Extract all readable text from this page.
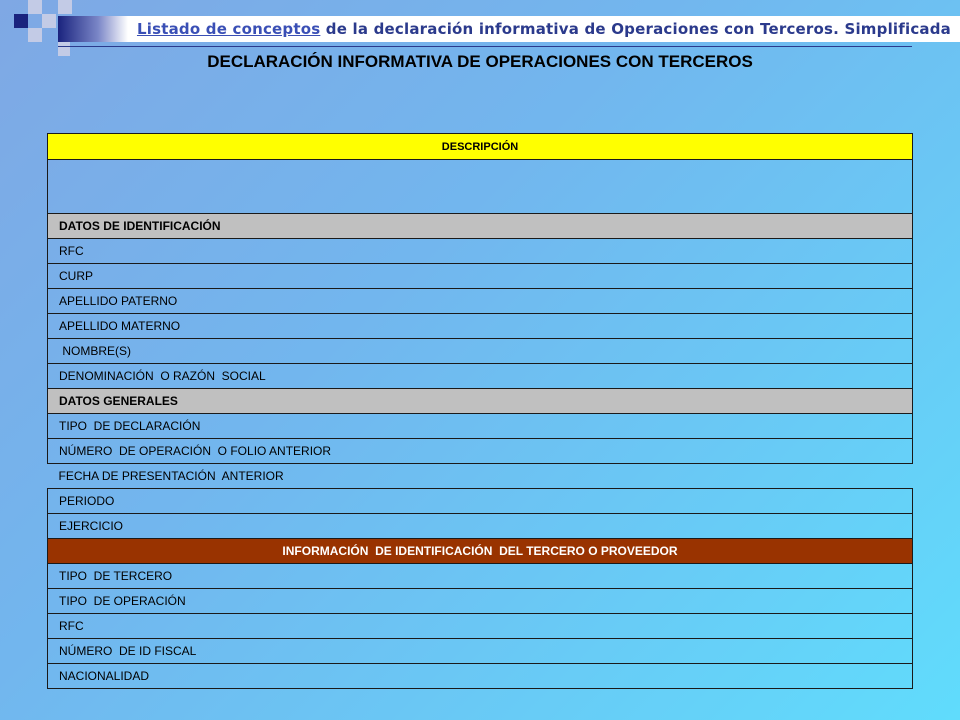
Listado de conceptos de la declaración informativa de Operaciones con Terceros. Simplificada
DECLARACIÓN INFORMATIVA DE OPERACIONES CON TERCEROS
DESCRIPCIÓN

DATOS DE IDENTIFICACIÓN
RFC
CURP
APELLIDO PATERNO
APELLIDO MATERNO
NOMBRE(S)
DENOMINACIÓN  O RAZÓN  SOCIAL
DATOS GENERALES
TIPO  DE DECLARACIÓN
NÚMERO  DE OPERACIÓN  O FOLIO ANTERIOR
FECHA DE PRESENTACIÓN  ANTERIOR
PERIODO
EJERCICIO
INFORMACIÓN  DE IDENTIFICACIÓN  DEL TERCERO O PROVEEDOR
TIPO  DE TERCERO
TIPO  DE OPERACIÓN
RFC
NÚMERO  DE ID FISCAL
NACIONALIDAD
